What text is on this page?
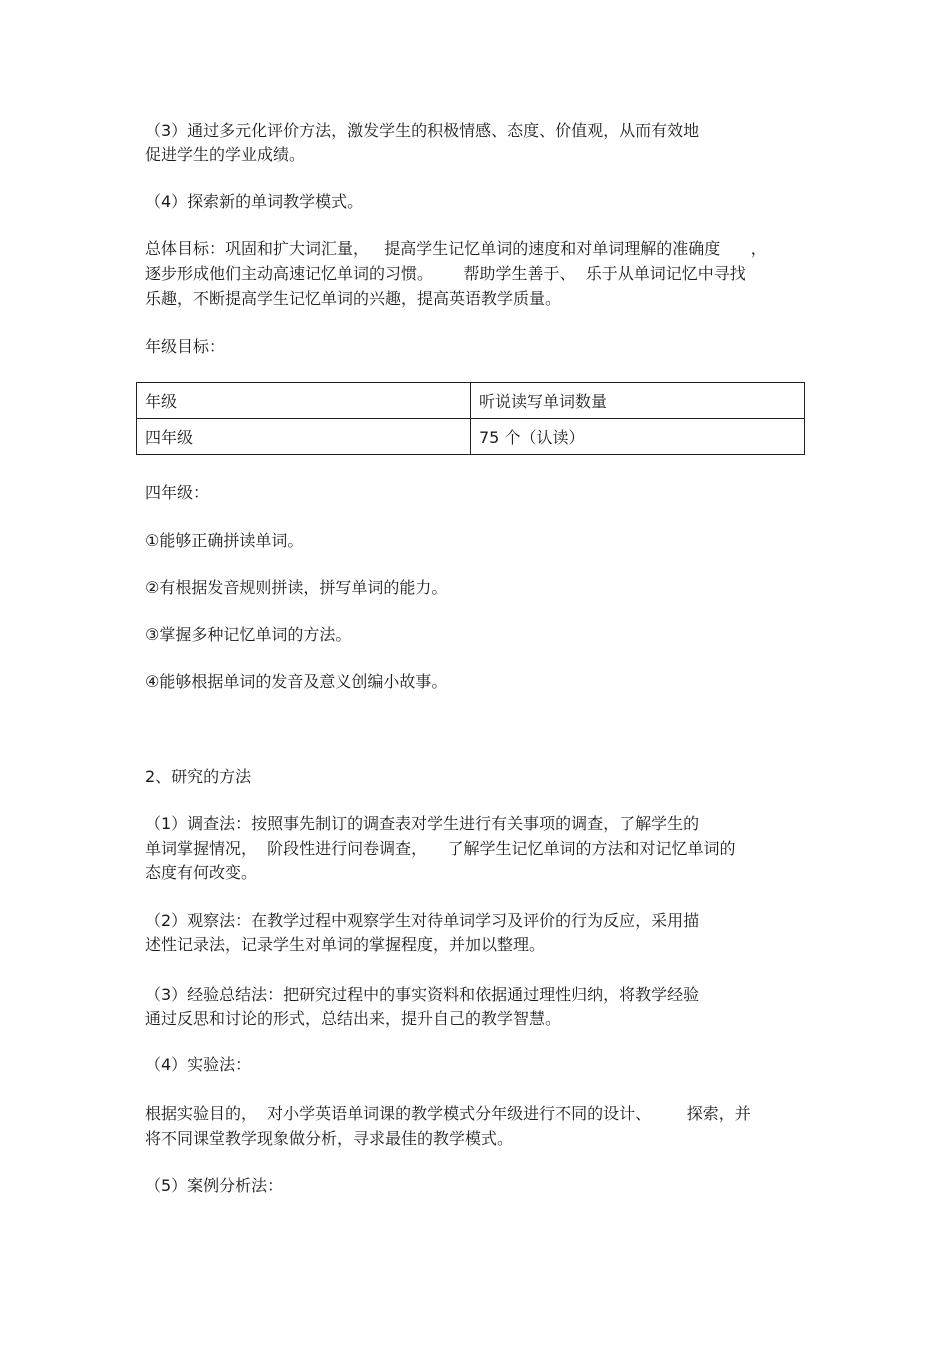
（3）通过多元化评价方法，激发学生的积极情感、态度、价值观，从而有效地
促进学生的学业成绩。
（4）探索新的单词教学模式。
总体目标：巩固和扩大词汇量，   提高学生记忆单词的速度和对单词理解的准确度      ，
逐步形成他们主动高速记忆单词的习惯。      帮助学生善于、  乐于从单词记忆中寻找
乐趣，不断提高学生记忆单词的兴趣，提高英语教学质量。
年级目标：
年级	听说读写单词数量
四年级	75 个（认读）
四年级：
①能够正确拼读单词。
②有根据发音规则拼读，拼写单词的能力。
③掌握多种记忆单词的方法。
④能够根据单词的发音及意义创编小故事。
2、研究的方法
（1）调查法：按照事先制订的调查表对学生进行有关事项的调查，了解学生的
单词掌握情况，  阶段性进行问卷调查，    了解学生记忆单词的方法和对记忆单词的
态度有何改变。
（2）观察法：在教学过程中观察学生对待单词学习及评价的行为反应，采用描
述性记录法，记录学生对单词的掌握程度，并加以整理。
（3）经验总结法：把研究过程中的事实资料和依据通过理性归纳，将教学经验
通过反思和讨论的形式，总结出来，提升自己的教学智慧。
（4）实验法：
根据实验目的，  对小学英语单词课的教学模式分年级进行不同的设计、       探索，并
将不同课堂教学现象做分析，寻求最佳的教学模式。
（5）案例分析法：
